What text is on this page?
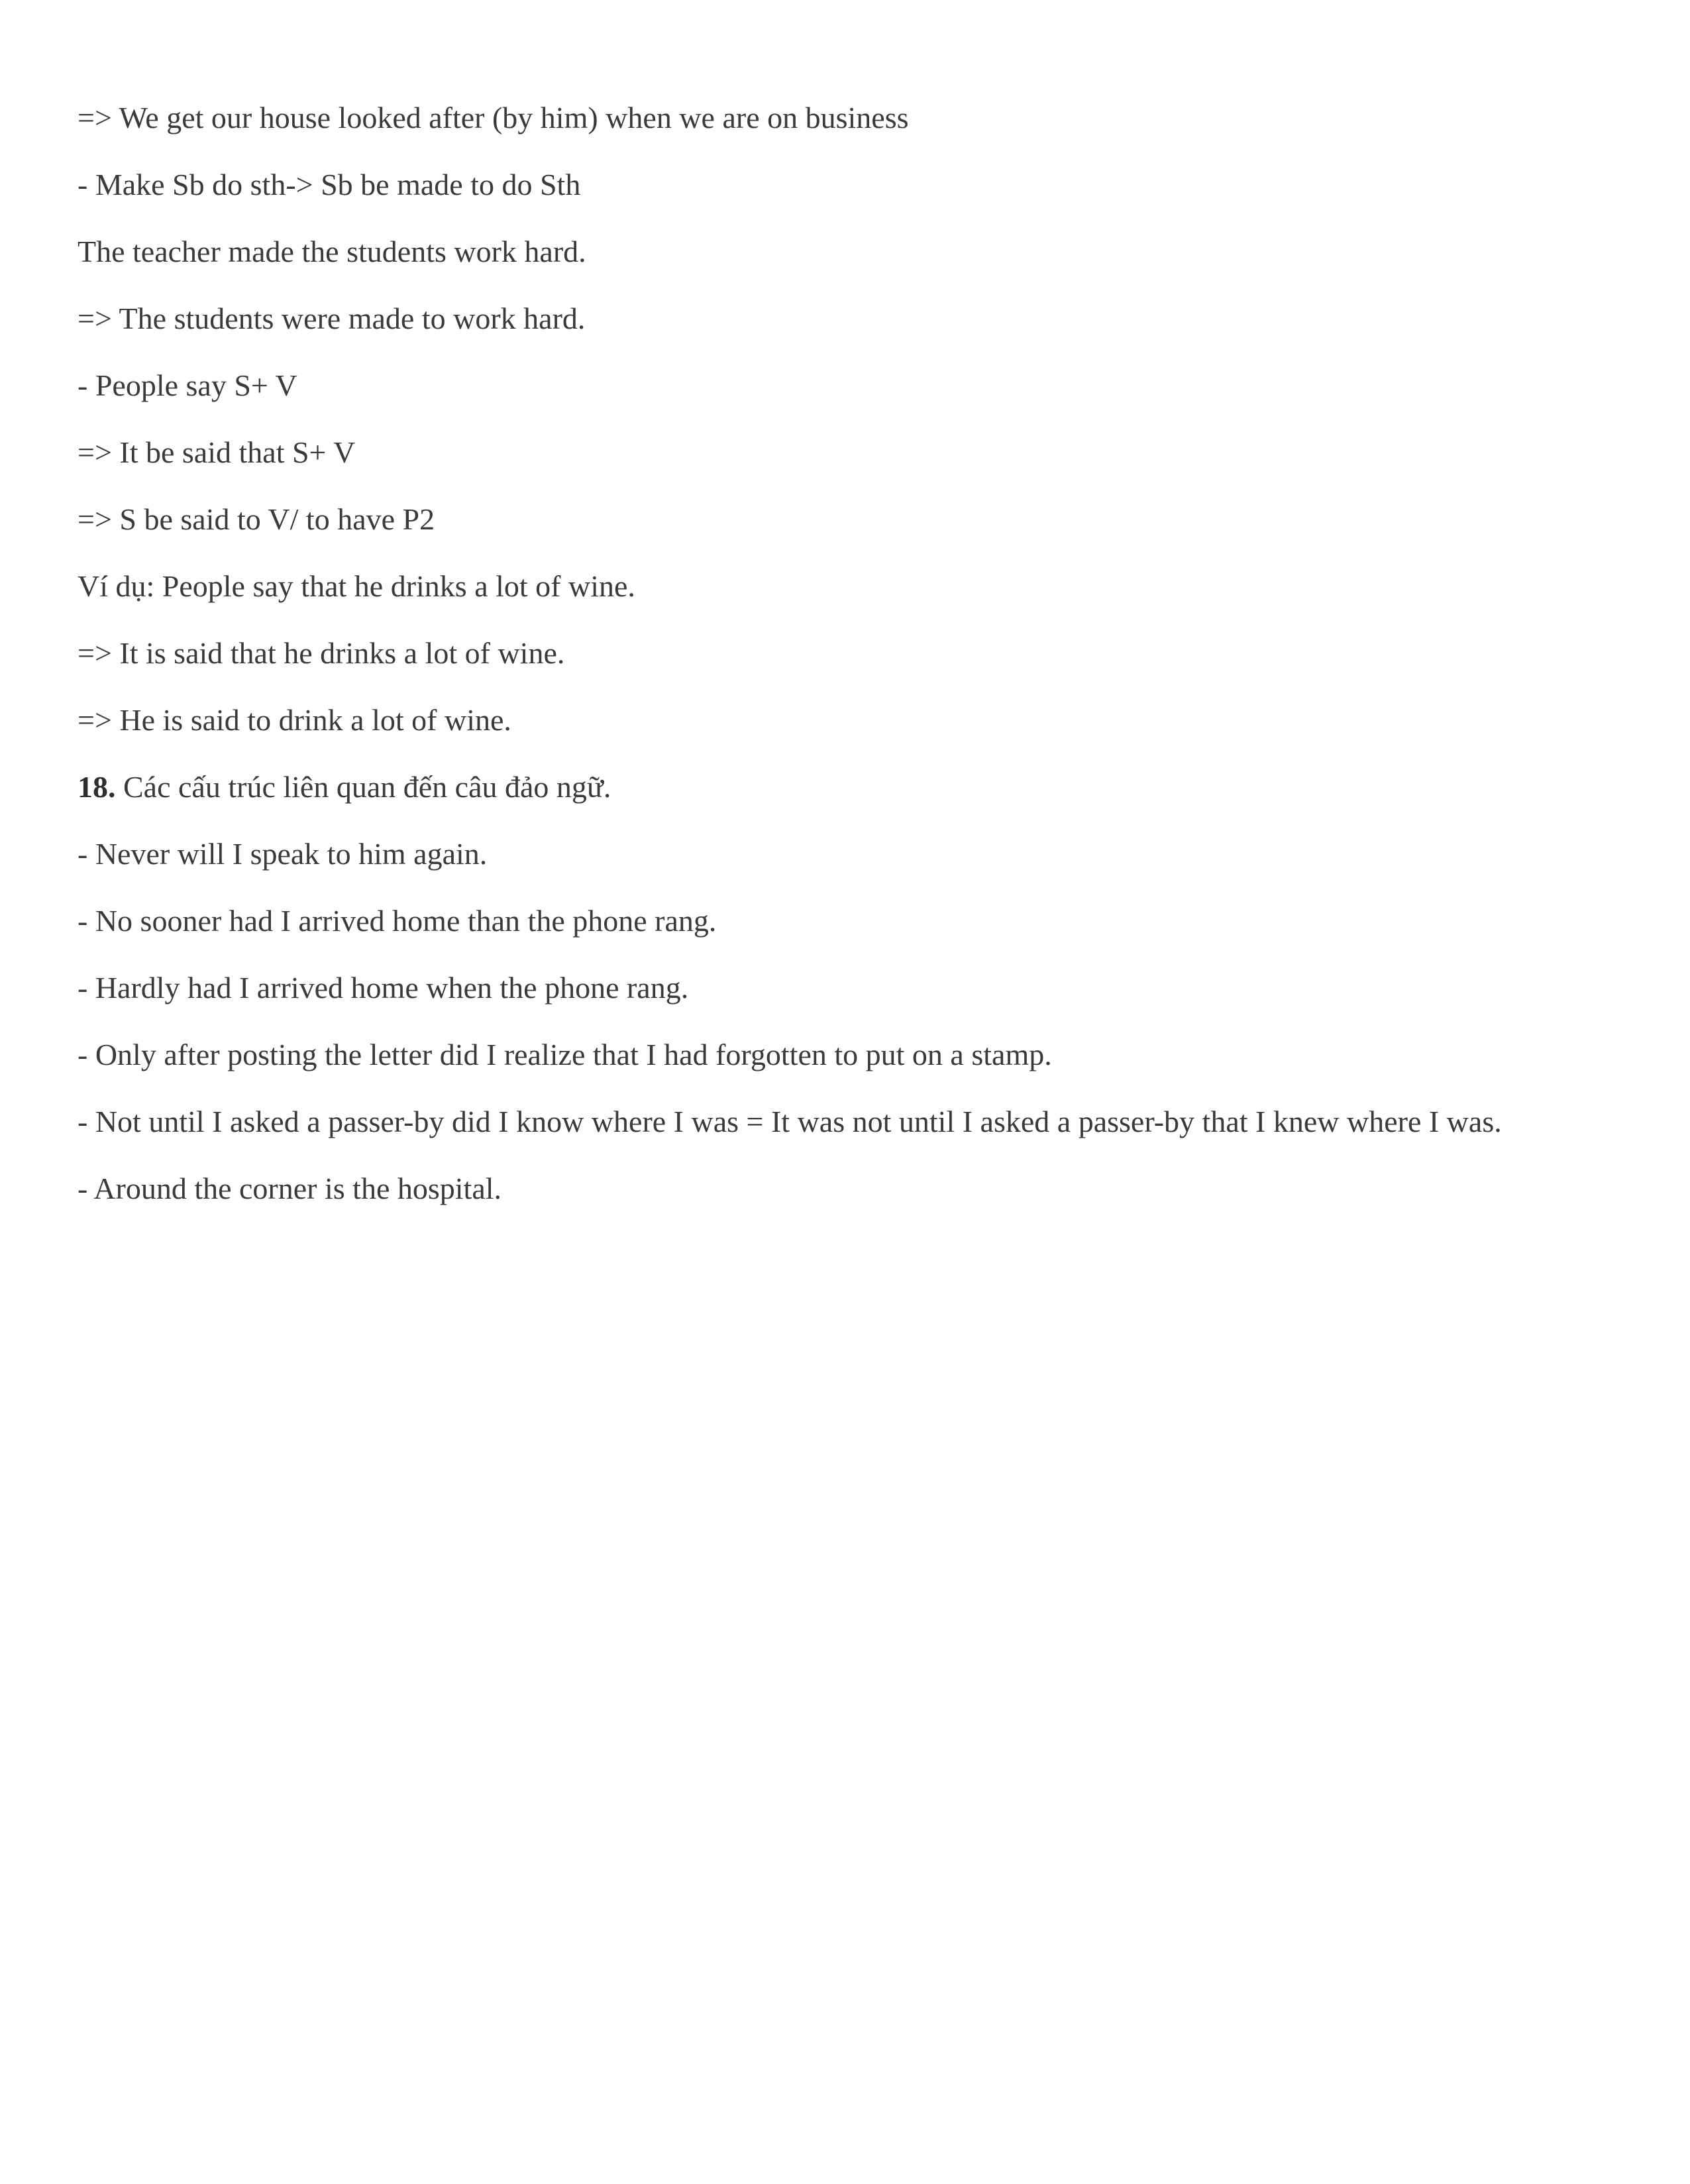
=> We get our house looked after (by him) when we are on business

- Make Sb do sth-> Sb be made to do Sth

The teacher made the students work hard.

=> The students were made to work hard.

- People say S+ V

=> It be said that S+ V

=> S be said to V/ to have P2

Ví dụ: People say that he drinks a lot of wine.

=> It is said that he drinks a lot of wine.

=> He is said to drink a lot of wine.

18. Các cấu trúc liên quan đến câu đảo ngữ.

- Never will I speak to him again.

- No sooner had I arrived home than the phone rang.

- Hardly had I arrived home when the phone rang.

- Only after posting the letter did I realize that I had forgotten to put on a stamp.

- Not until I asked a passer-by did I know where I was = It was not until I asked a passer-by that I knew where I was.

- Around the corner is the hospital.
